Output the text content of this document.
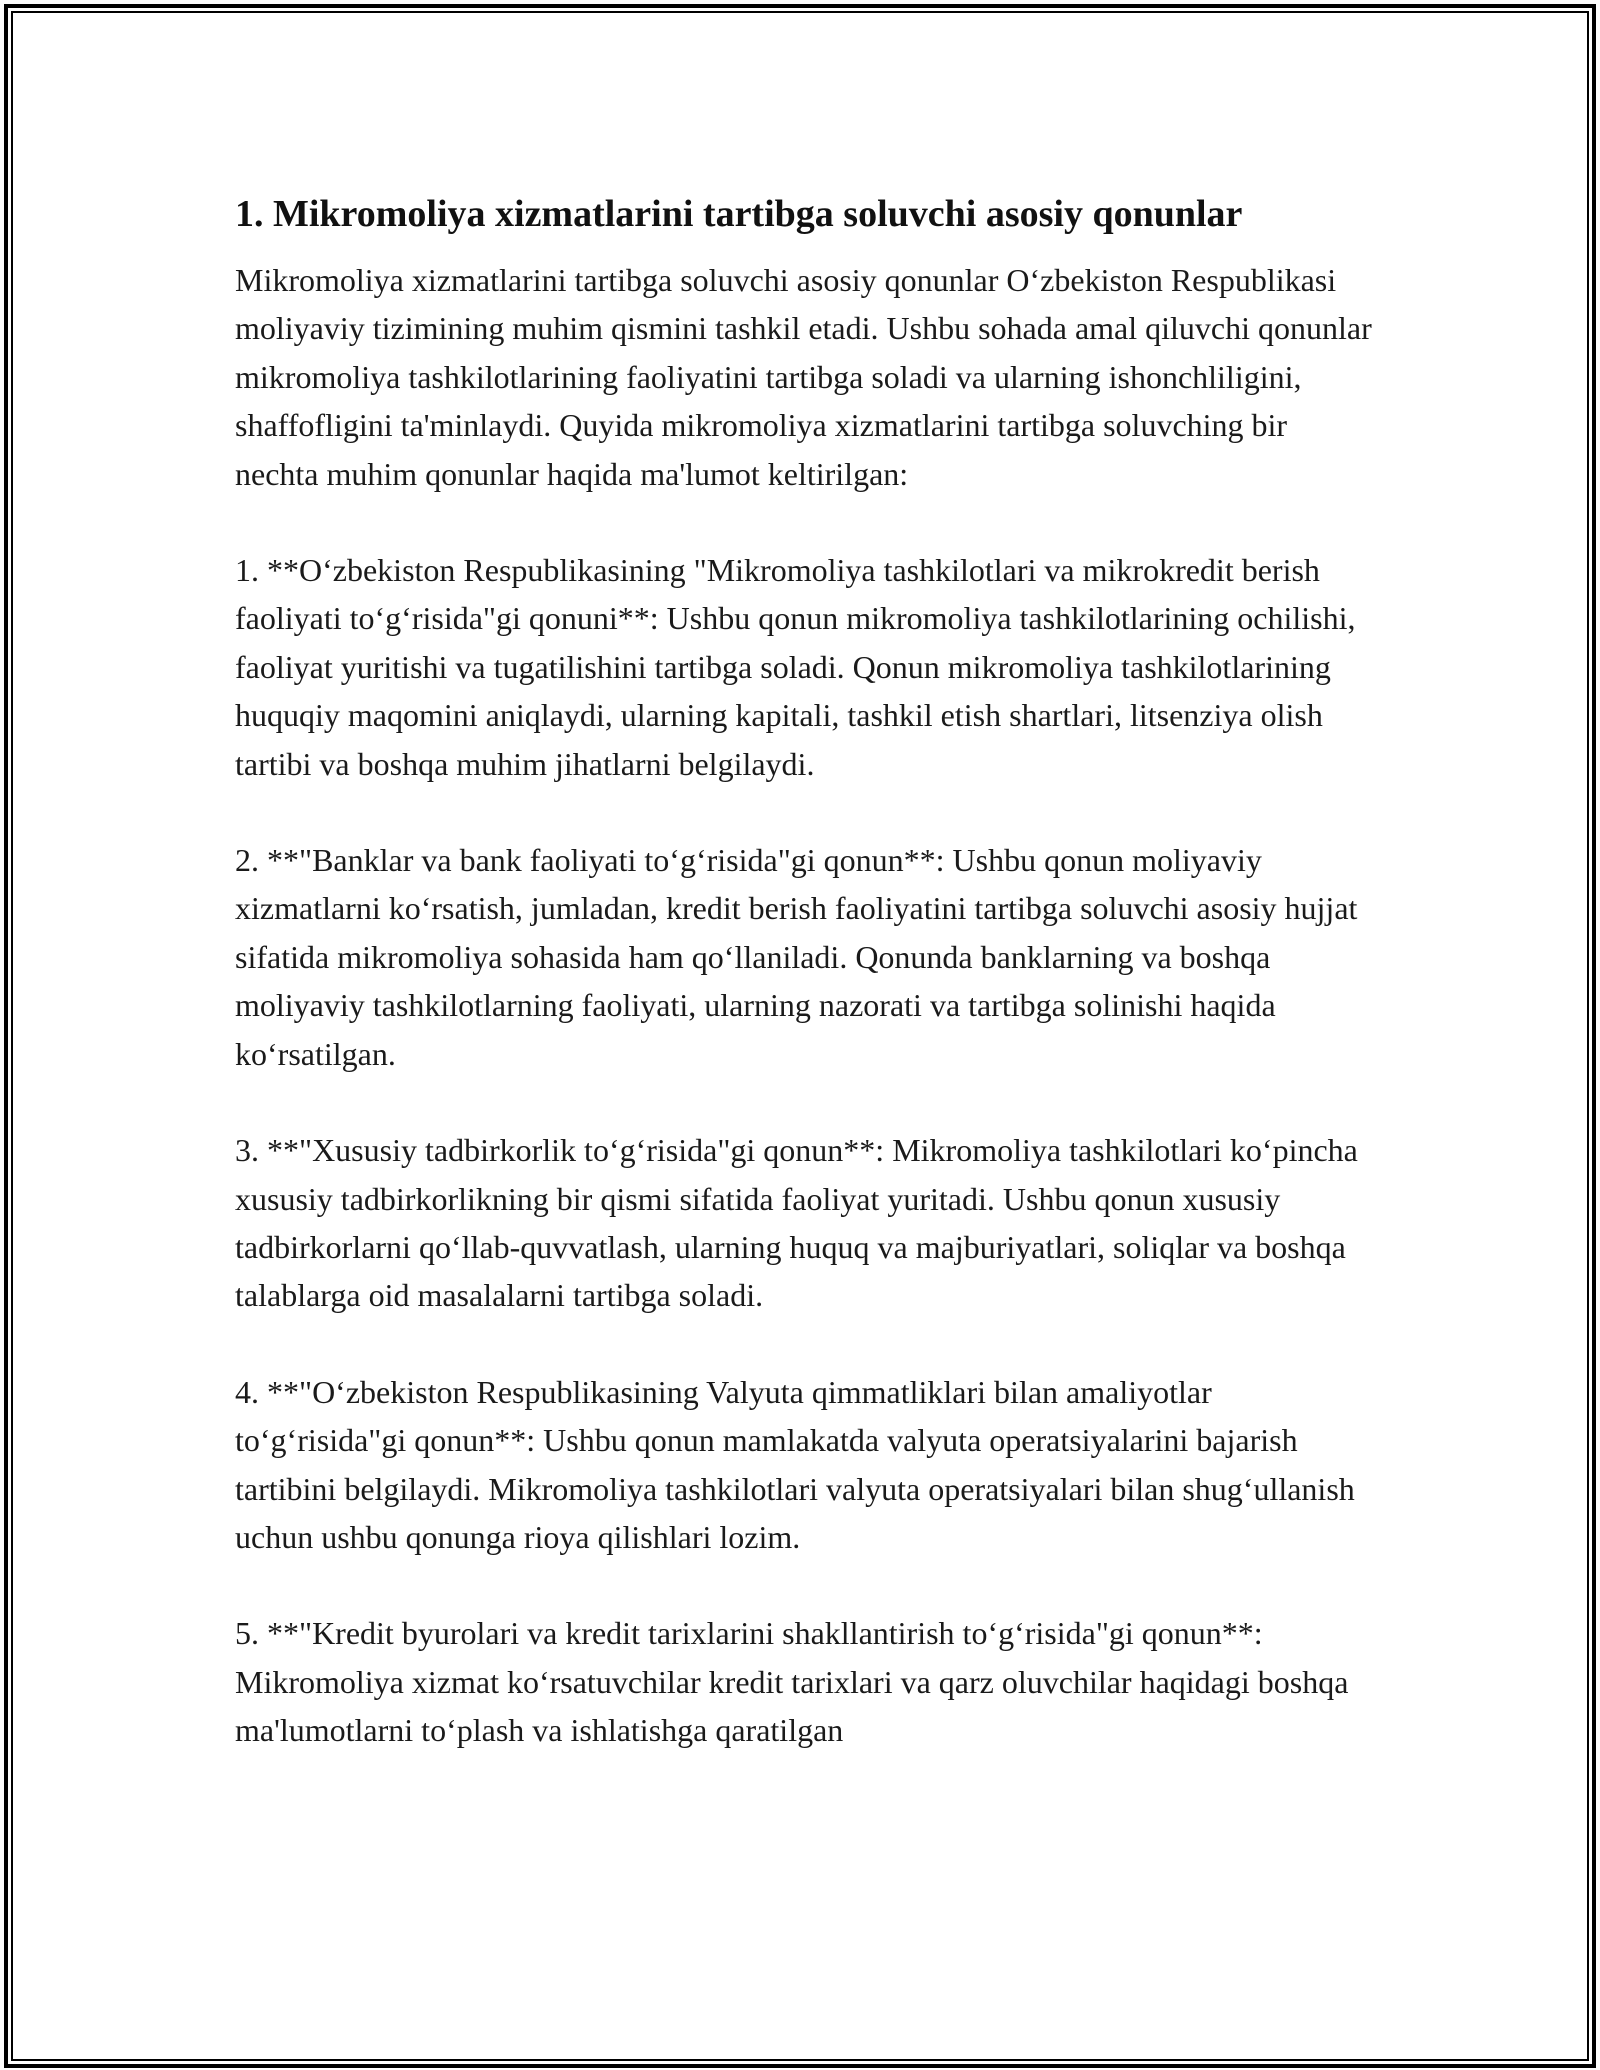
1. Mikromoliya xizmatlarini tartibga soluvchi asosiy qonunlar

Mikromoliya xizmatlarini tartibga soluvchi asosiy qonunlar O‘zbekiston Respublikasi moliyaviy tizimining muhim qismini tashkil etadi. Ushbu sohada amal qiluvchi qonunlar mikromoliya tashkilotlarining faoliyatini tartibga soladi va ularning ishonchliligini, shaffofligini ta'minlaydi. Quyida mikromoliya xizmatlarini tartibga soluvching bir nechta muhim qonunlar haqida ma'lumot keltirilgan:

1. **O‘zbekiston Respublikasining "Mikromoliya tashkilotlari va mikrokredit berish faoliyati to‘g‘risida"gi qonuni**: Ushbu qonun mikromoliya tashkilotlarining ochilishi, faoliyat yuritishi va tugatilishini tartibga soladi. Qonun mikromoliya tashkilotlarining huquqiy maqomini aniqlaydi, ularning kapitali, tashkil etish shartlari, litsenziya olish tartibi va boshqa muhim jihatlarni belgilaydi.

2. **"Banklar va bank faoliyati to‘g‘risida"gi qonun**: Ushbu qonun moliyaviy xizmatlarni ko‘rsatish, jumladan, kredit berish faoliyatini tartibga soluvchi asosiy hujjat sifatida mikromoliya sohasida ham qo‘llaniladi. Qonunda banklarning va boshqa moliyaviy tashkilotlarning faoliyati, ularning nazorati va tartibga solinishi haqida ko‘rsatilgan.

3. **"Xususiy tadbirkorlik to‘g‘risida"gi qonun**: Mikromoliya tashkilotlari ko‘pincha xususiy tadbirkorlikning bir qismi sifatida faoliyat yuritadi. Ushbu qonun xususiy tadbirkorlarni qo‘llab-quvvatlash, ularning huquq va majburiyatlari, soliqlar va boshqa talablarga oid masalalarni tartibga soladi.

4. **"O‘zbekiston Respublikasining Valyuta qimmatliklari bilan amaliyotlar to‘g‘risida"gi qonun**: Ushbu qonun mamlakatda valyuta operatsiyalarini bajarish tartibini belgilaydi. Mikromoliya tashkilotlari valyuta operatsiyalari bilan shug‘ullanish uchun ushbu qonunga rioya qilishlari lozim.

5. **"Kredit byurolari va kredit tarixlarini shakllantirish to‘g‘risida"gi qonun**: Mikromoliya xizmat ko‘rsatuvchilar kredit tarixlari va qarz oluvchilar haqidagi boshqa ma'lumotlarni to‘plash va ishlatishga qaratilgan
